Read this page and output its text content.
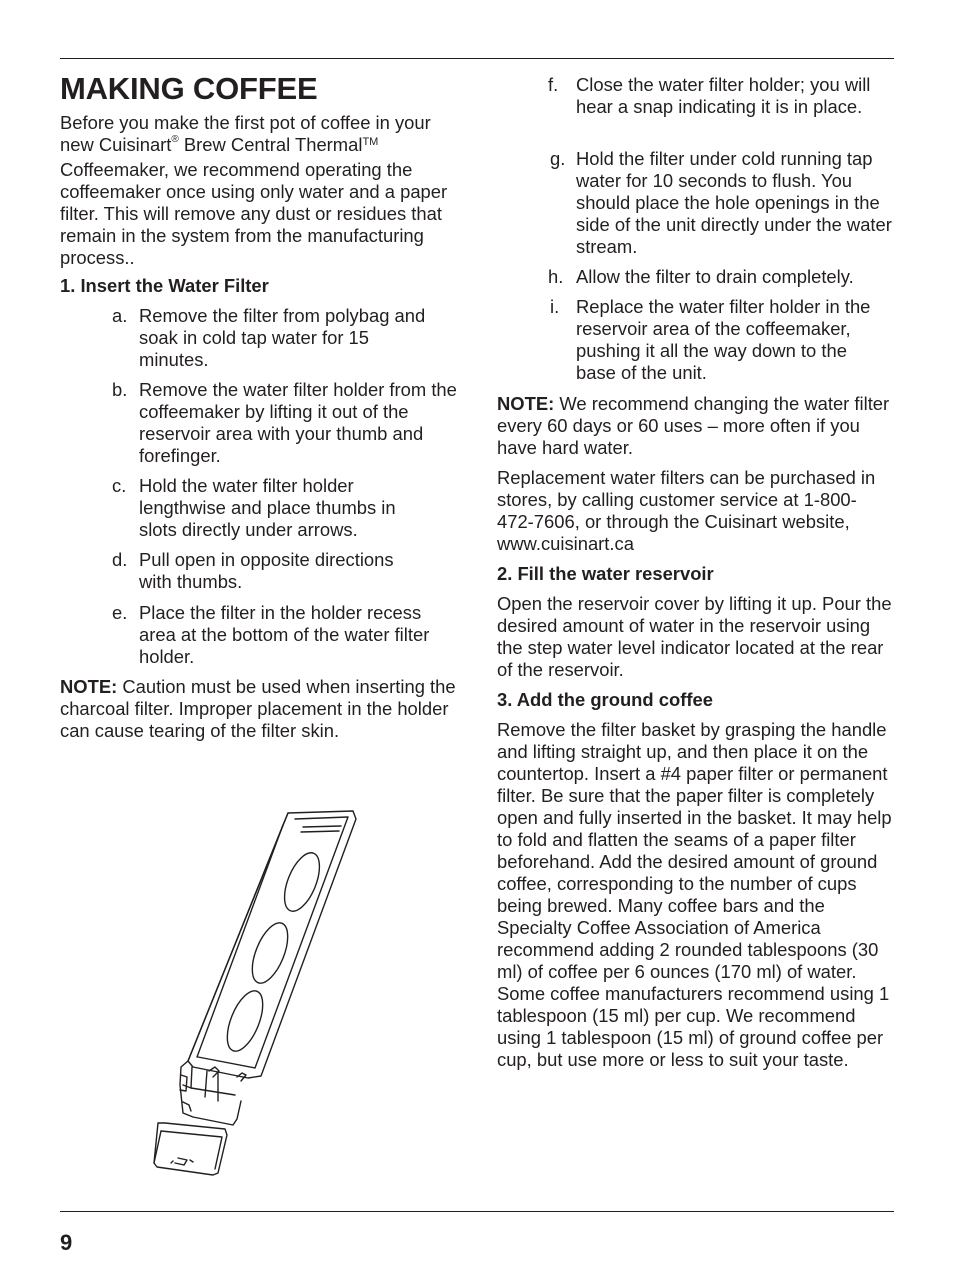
MAKING COFFEE

Before you make the first pot of coffee in your new Cuisinart® Brew Central Thermal™ Coffeemaker, we recommend operating the coffeemaker once using only water and a paper filter. This will remove any dust or residues that remain in the system from the manufacturing process..

1. Insert the Water Filter

a. Remove the filter from polybag and soak in cold tap water for 15 minutes.
b. Remove the water filter holder from the coffeemaker by lifting it out of the reservoir area with your thumb and forefinger.
c. Hold the water filter holder lengthwise and place thumbs in slots directly under arrows.
d. Pull open in opposite directions with thumbs.
e. Place the filter in the holder recess area at the bottom of the water filter holder.

NOTE: Caution must be used when inserting the charcoal filter. Improper placement in the holder can cause tearing of the filter skin.

f. Close the water filter holder; you will hear a snap indicating it is in place.
g. Hold the filter under cold running tap water for 10 seconds to flush. You should place the hole openings in the side of the unit directly under the water stream.
h. Allow the filter to drain completely.
i. Replace the water filter holder in the reservoir area of the coffeemaker, pushing it all the way down to the base of the unit.

NOTE: We recommend changing the water filter every 60 days or 60 uses – more often if you have hard water.

Replacement water filters can be purchased in stores, by calling customer service at 1-800-472-7606, or through the Cuisinart website, www.cuisinart.ca

2. Fill the water reservoir

Open the reservoir cover by lifting it up. Pour the desired amount of water in the reservoir using the step water level indicator located at the rear of the reservoir.

3. Add the ground coffee

Remove the filter basket by grasping the handle and lifting straight up, and then place it on the countertop. Insert a #4 paper filter or permanent filter. Be sure that the paper filter is completely open and fully inserted in the basket. It may help to fold and flatten the seams of a paper filter beforehand. Add the desired amount of ground coffee, corresponding to the number of cups being brewed. Many coffee bars and the Specialty Coffee Association of America recommend adding 2 rounded tablespoons (30 ml) of coffee per 6 ounces (170 ml) of water. Some coffee manufacturers recommend using 1 tablespoon (15 ml) per cup. We recommend using 1 tablespoon (15 ml) of ground coffee per cup, but use more or less to suit your taste.

9
